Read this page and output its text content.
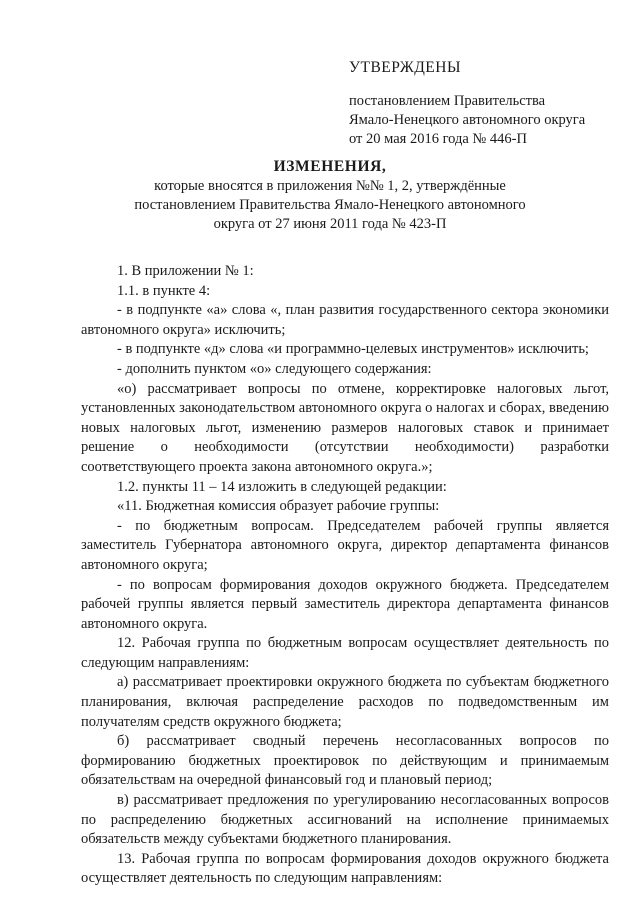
УТВЕРЖДЕНЫ
постановлением Правительства
Ямало-Ненецкого автономного округа
от 20 мая 2016 года № 446-П
ИЗМЕНЕНИЯ,
которые вносятся в приложения №№ 1, 2, утверждённые
постановлением Правительства Ямало-Ненецкого автономного
округа от 27 июня 2011 года № 423-П
1. В приложении № 1:
1.1. в пункте 4:
- в подпункте «а» слова «, план развития государственного сектора экономики автономного округа» исключить;
- в подпункте «д» слова «и программно-целевых инструментов» исключить;
- дополнить пунктом «о» следующего содержания:
«о) рассматривает вопросы по отмене, корректировке налоговых льгот, установленных законодательством автономного округа о налогах и сборах, введению новых налоговых льгот, изменению размеров налоговых ставок и принимает решение о необходимости (отсутствии необходимости) разработки соответствующего проекта закона автономного округа.»;
1.2. пункты 11 – 14 изложить в следующей редакции:
«11. Бюджетная комиссия образует рабочие группы:
- по бюджетным вопросам. Председателем рабочей группы является заместитель Губернатора автономного округа, директор департамента финансов автономного округа;
- по вопросам формирования доходов окружного бюджета. Председателем рабочей группы является первый заместитель директора департамента финансов автономного округа.
12. Рабочая группа по бюджетным вопросам осуществляет деятельность по следующим направлениям:
а) рассматривает проектировки окружного бюджета по субъектам бюджетного планирования, включая распределение расходов по подведомственным им получателям средств окружного бюджета;
б) рассматривает сводный перечень несогласованных вопросов по формированию бюджетных проектировок по действующим и принимаемым обязательствам на очередной финансовый год и плановый период;
в) рассматривает предложения по урегулированию несогласованных вопросов по распределению бюджетных ассигнований на исполнение принимаемых обязательств между субъектами бюджетного планирования.
13. Рабочая группа по вопросам формирования доходов окружного бюджета осуществляет деятельность по следующим направлениям:
